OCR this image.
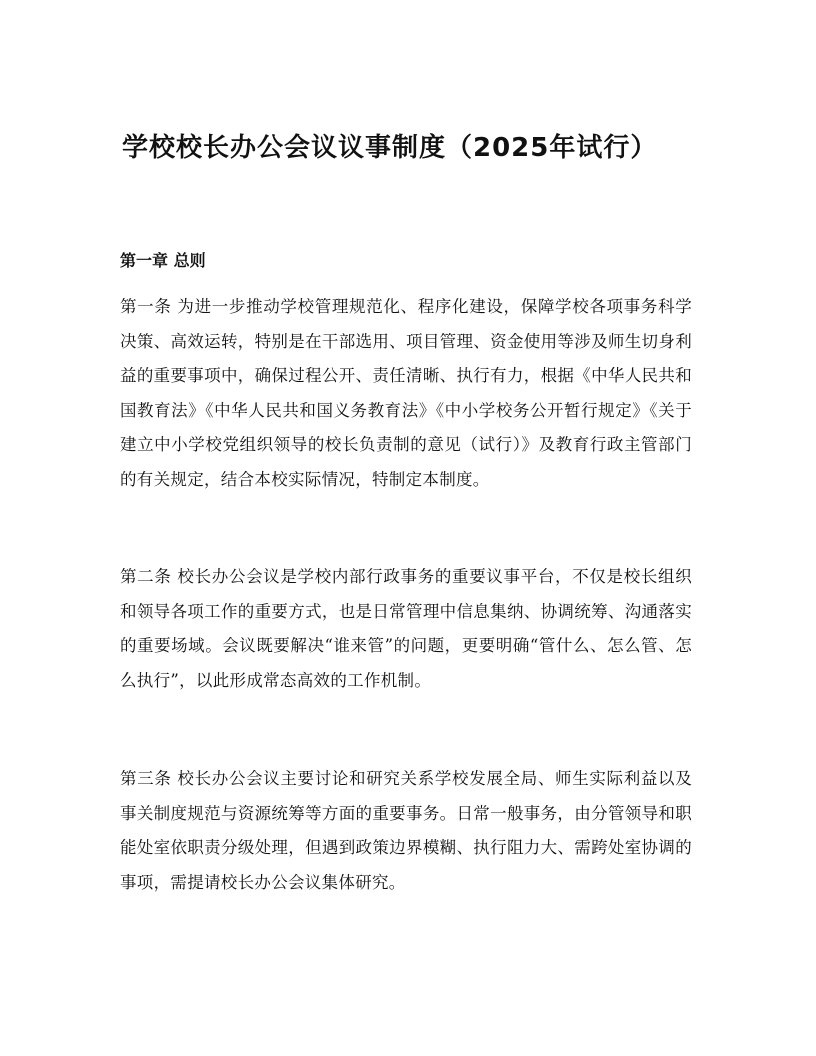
学校校长办公会议议事制度（2025年试行）
第一章 总则

第一条 为进一步推动学校管理规范化、程序化建设，保障学校各项事务科学决策、高效运转，特别是在干部选用、项目管理、资金使用等涉及师生切身利益的重要事项中，确保过程公开、责任清晰、执行有力，根据《中华人民共和国教育法》《中华人民共和国义务教育法》《中小学校务公开暂行规定》《关于建立中小学校党组织领导的校长负责制的意见（试行）》及教育行政主管部门的有关规定，结合本校实际情况，特制定本制度。

第二条 校长办公会议是学校内部行政事务的重要议事平台，不仅是校长组织和领导各项工作的重要方式，也是日常管理中信息集纳、协调统筹、沟通落实的重要场域。会议既要解决“谁来管”的问题，更要明确“管什么、怎么管、怎么执行”，以此形成常态高效的工作机制。

第三条 校长办公会议主要讨论和研究关系学校发展全局、师生实际利益以及事关制度规范与资源统筹等方面的重要事务。日常一般事务，由分管领导和职能处室依职责分级处理，但遇到政策边界模糊、执行阻力大、需跨处室协调的事项，需提请校长办公会议集体研究。
